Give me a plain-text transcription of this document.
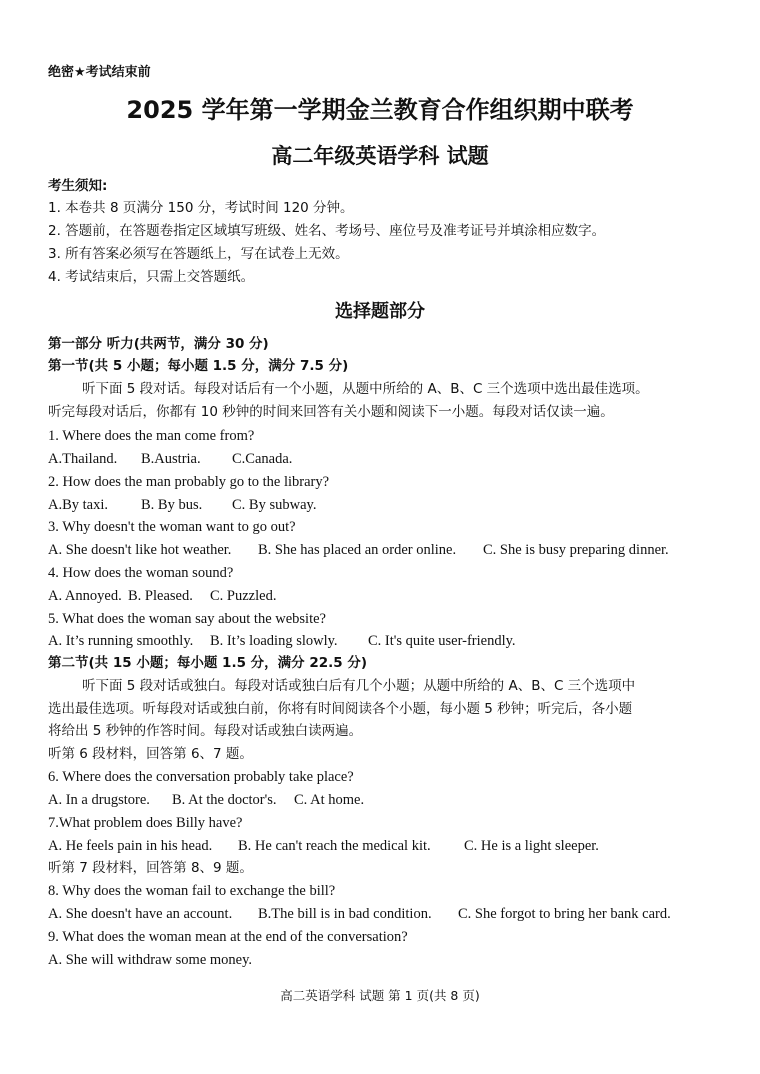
绝密★考试结束前
2025 学年第一学期金兰教育合作组织期中联考
高二年级英语学科 试题
考生须知:
1. 本卷共 8 页满分 150 分，考试时间 120 分钟。
2. 答题前，在答题卷指定区域填写班级、姓名、考场号、座位号及准考证号并填涂相应数字。
3. 所有答案必须写在答题纸上，写在试卷上无效。
4. 考试结束后，只需上交答题纸。
选择题部分
第一部分 听力(共两节，满分 30 分)
第一节(共 5 小题；每小题 1.5 分，满分 7.5 分)
听下面 5 段对话。每段对话后有一个小题，从题中所给的 A、B、C 三个选项中选出最佳选项。
听完每段对话后，你都有 10 秒钟的时间来回答有关小题和阅读下一小题。每段对话仅读一遍。
1. Where does the man come from?
A.Thailand. B.Austria. C.Canada.
2. How does the man probably go to the library?
A.By taxi. B. By bus. C. By subway.
3. Why doesn't the woman want to go out?
A. She doesn't like hot weather. B. She has placed an order online. C. She is busy preparing dinner.
4. How does the woman sound?
A. Annoyed. B. Pleased. C. Puzzled.
5. What does the woman say about the website?
A. It’s running smoothly. B. It’s loading slowly. C. It's quite user-friendly.
第二节(共 15 小题；每小题 1.5 分，满分 22.5 分)
听下面 5 段对话或独白。每段对话或独白后有几个小题；从题中所给的 A、B、C 三个选项中
选出最佳选项。听每段对话或独白前，你将有时间阅读各个小题，每小题 5 秒钟；听完后，各小题
将给出 5 秒钟的作答时间。每段对话或独白读两遍。
听第 6 段材料，回答第 6、7 题。
6. Where does the conversation probably take place?
A. In a drugstore. B. At the doctor's. C. At home.
7.What problem does Billy have?
A. He feels pain in his head. B. He can't reach the medical kit. C. He is a light sleeper.
听第 7 段材料，回答第 8、9 题。
8. Why does the woman fail to exchange the bill?
A. She doesn't have an account. B.The bill is in bad condition. C. She forgot to bring her bank card.
9. What does the woman mean at the end of the conversation?
A. She will withdraw some money.
高二英语学科 试题 第 1 页(共 8 页)
